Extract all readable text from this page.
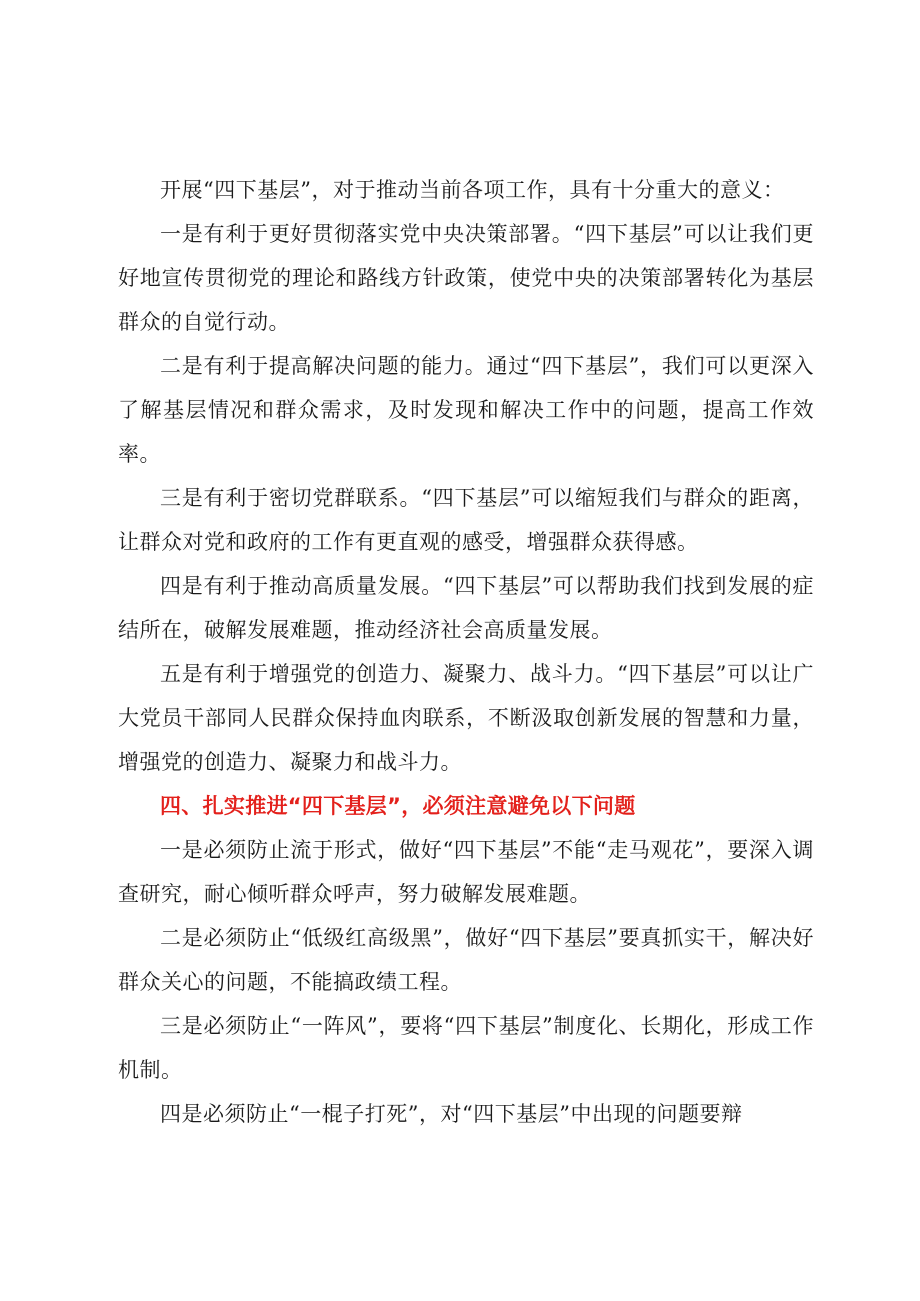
开展“四下基层”，对于推动当前各项工作，具有十分重大的意义：

一是有利于更好贯彻落实党中央决策部署。“四下基层”可以让我们更好地宣传贯彻党的理论和路线方针政策，使党中央的决策部署转化为基层群众的自觉行动。

二是有利于提高解决问题的能力。通过“四下基层”，我们可以更深入了解基层情况和群众需求，及时发现和解决工作中的问题，提高工作效率。

三是有利于密切党群联系。“四下基层”可以缩短我们与群众的距离，让群众对党和政府的工作有更直观的感受，增强群众获得感。

四是有利于推动高质量发展。“四下基层”可以帮助我们找到发展的症结所在，破解发展难题，推动经济社会高质量发展。

五是有利于增强党的创造力、凝聚力、战斗力。“四下基层”可以让广大党员干部同人民群众保持血肉联系，不断汲取创新发展的智慧和力量，增强党的创造力、凝聚力和战斗力。

四、扎实推进“四下基层”，必须注意避免以下问题

一是必须防止流于形式，做好“四下基层”不能“走马观花”，要深入调查研究，耐心倾听群众呼声，努力破解发展难题。

二是必须防止“低级红高级黑”，做好“四下基层”要真抓实干，解决好群众关心的问题，不能搞政绩工程。

三是必须防止“一阵风”，要将“四下基层”制度化、长期化，形成工作机制。

四是必须防止“一棍子打死”，对“四下基层”中出现的问题要辩
